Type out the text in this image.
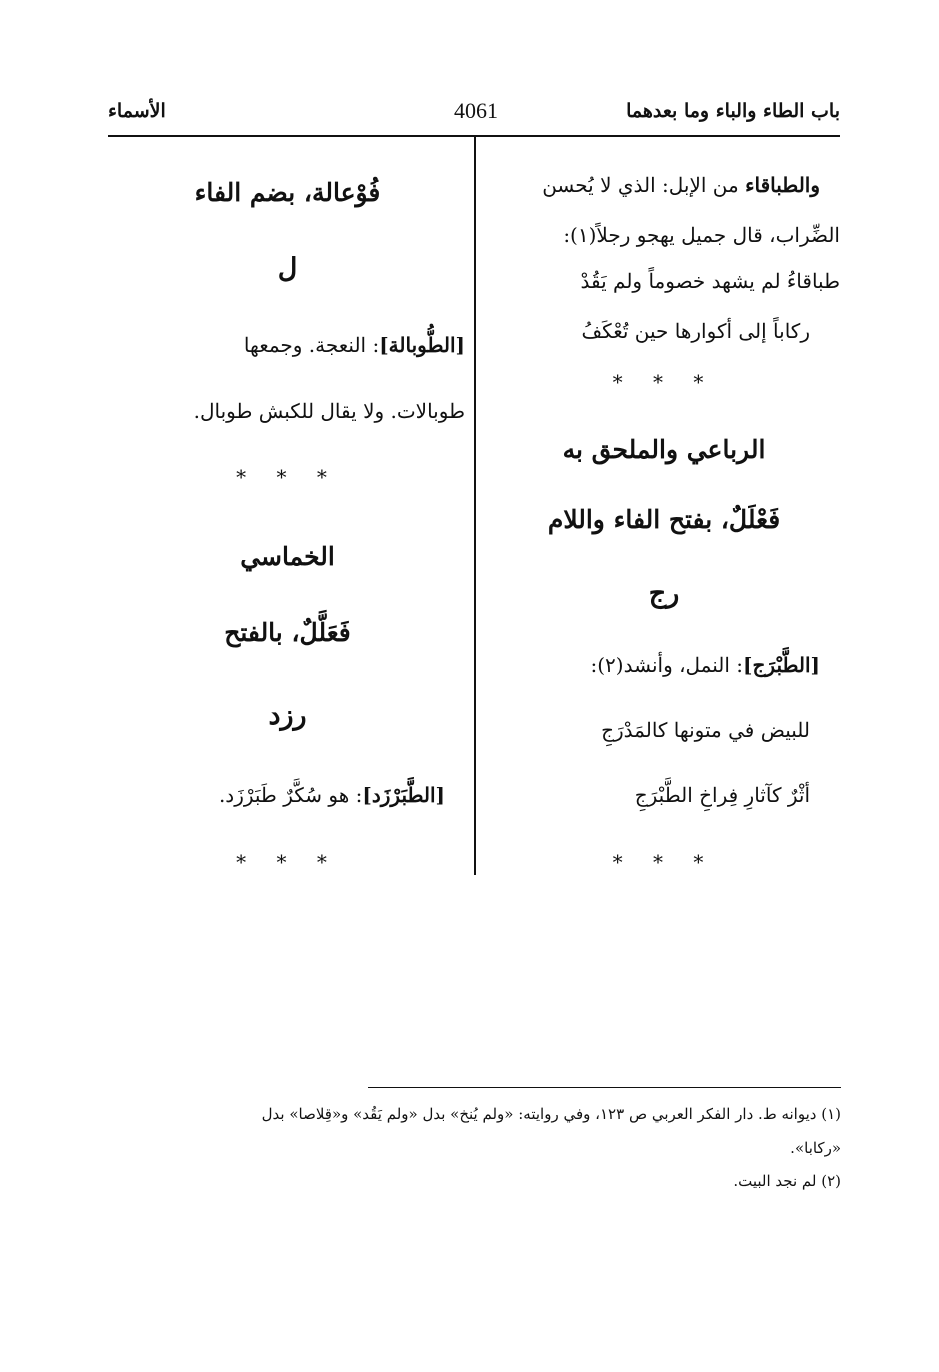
باب الطاء والباء وما بعدهما
4061
الأسماء
والطباقاء من الإبل: الذي لا يُحسن
الضِّراب، قال جميل يهجو رجلاً(١):
طباقاءُ لم يشهد خصوماً ولم يَقُدْ
ركاباً إلى أكوارها حين تُعْكَفُ
* * *
الرباعي والملحق به
فَعْلَلٌ، بفتح الفاء واللام
رج
[الطَّبْرَج]: النمل، وأنشد(٢):
للبيض في متونها كالمَدْرَجِ
أثْرٌ كآثارِ فِراخِ الطَّبْرَجِ
* * *
فُوْعالة، بضم الفاء
ل
[الطُّوبالة]: النعجة. وجمعها
طوبالات. ولا يقال للكبش طوبال.
* * *
الخماسي
فَعَلَّلٌ، بالفتح
رزد
[الطَّبَرْزَد]: هو سُكَّرٌ طَبَرْزَد.
* * *
(١) ديوانه ط. دار الفكر العربي ص ١٢٣، وفي روايته: «ولم يُنخ» بدل «ولم يَقُد» و«قِلاصا» بدل
«ركابا».
(٢) لم نجد البيت.
